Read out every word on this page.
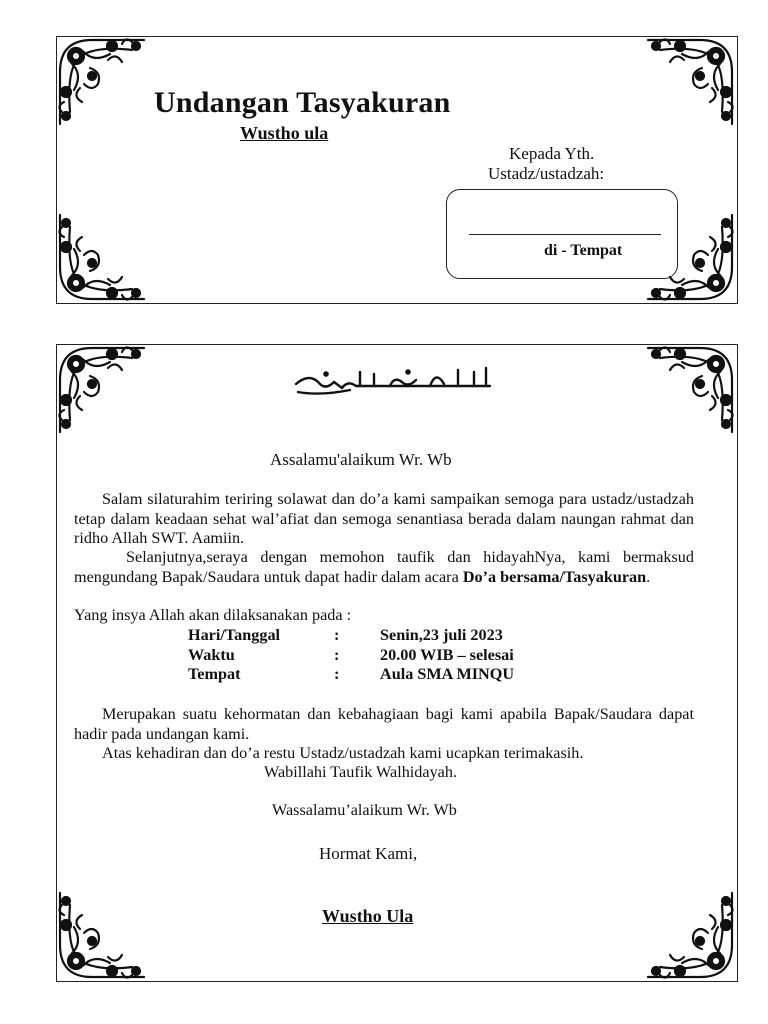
Undangan Tasyakuran
Wustho ula
Kepada Yth.
Ustadz/ustadzah:
di - Tempat
Assalamu'alaikum Wr. Wb
Salam silaturahim teriring solawat dan do’a kami sampaikan semoga para ustadz/ustadzah tetap dalam keadaan sehat wal’afiat dan semoga senantiasa berada dalam naungan rahmat dan ridho Allah SWT. Aamiin.
Selanjutnya,seraya dengan memohon taufik dan hidayahNya, kami bermaksud mengundang Bapak/Saudara untuk dapat hadir dalam acara Do’a bersama/Tasyakuran.
Yang insya Allah akan dilaksanakan pada :
Hari/Tanggal	:	Senin,23 juli 2023
Waktu	:	20.00 WIB – selesai
Tempat	:	Aula SMA MINQU
Merupakan suatu kehormatan dan kebahagiaan bagi kami apabila Bapak/Saudara dapat hadir pada undangan kami.
Atas kehadiran dan do’a restu Ustadz/ustadzah kami ucapkan terimakasih.
Wabillahi Taufik Walhidayah.
Wassalamu’alaikum Wr. Wb
Hormat Kami,
Wustho Ula
